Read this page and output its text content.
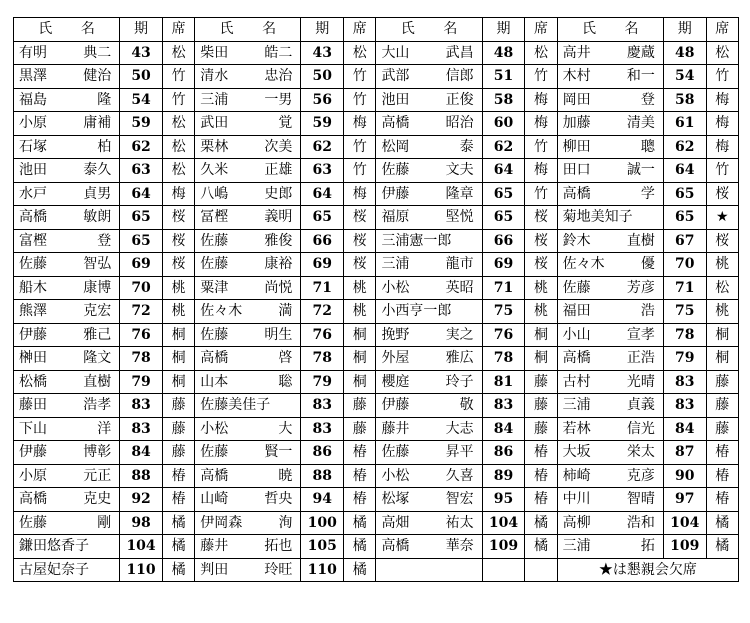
氏 名	期	席	氏 名	期	席	氏 名	期	席	氏 名	期	席

有明 典二	43	松	柴田 皓二	43	松	大山 武昌	48	松	高井 慶蔵	48	松

黒澤 健治	50	竹	清水 忠治	50	竹	武部 信郎	51	竹	木村 和一	54	竹

福島 隆	54	竹	三浦 一男	56	竹	池田 正俊	58	梅	岡田 登	58	梅

小原 庸補	59	松	武田 覚	59	梅	高橋 昭治	60	梅	加藤 清美	61	梅

石塚 柏	62	松	栗林 次美	62	竹	松岡 泰	62	竹	柳田 聰	62	梅

池田 泰久	63	松	久米 正雄	63	竹	佐藤 文夫	64	梅	田口 誠一	64	竹

水戸 貞男	64	梅	八嶋 史郎	64	梅	伊藤 隆章	65	竹	高橋 学	65	桜

高橋 敏朗	65	桜	冨樫 義明	65	桜	福原 堅悦	65	桜	菊地美知子	65	★

富樫 登	65	桜	佐藤 雅俊	66	桜	三浦憲一郎	66	桜	鈴木 直樹	67	桜

佐藤 智弘	69	桜	佐藤 康裕	69	桜	三浦 龍市	69	桜	佐々木 優	70	桃

船木 康博	70	桃	粟津 尚悦	71	桃	小松 英昭	71	桃	佐藤 芳彦	71	松

熊澤 克宏	72	桃	佐々木 満	72	桃	小西亨一郎	75	桃	福田 浩	75	桃

伊藤 雅己	76	桐	佐藤 明生	76	桐	挽野 実之	76	桐	小山 宣孝	78	桐

榊田 隆文	78	桐	高橋 啓	78	桐	外屋 雅広	78	桐	高橋 正浩	79	桐

松橋 直樹	79	桐	山本 聡	79	桐	櫻庭 玲子	81	藤	古村 光晴	83	藤

藤田 浩孝	83	藤	佐藤美佳子	83	藤	伊藤 敬	83	藤	三浦 貞義	83	藤

下山 洋	83	藤	小松 大	83	藤	藤井 大志	84	藤	若林 信光	84	藤

伊藤 博彰	84	藤	佐藤 賢一	86	椿	佐藤 昇平	86	椿	大坂 栄太	87	椿

小原 元正	88	椿	高橋 暁	88	椿	小松 久喜	89	椿	柿崎 克彦	90	椿

高橋 克史	92	椿	山崎 哲央	94	椿	松塚 智宏	95	椿	中川 智晴	97	椿

佐藤 剛	98	橘	伊岡森 洵	100	橘	高畑 祐太	104	橘	高柳 浩和	104	橘

鎌田悠香子	104	橘	藤井 拓也	105	橘	高橋 華奈	109	橘	三浦 拓	109	橘

古屋妃奈子	110	橘	判田 玲旺	110	橘				★は懇親会欠席		
